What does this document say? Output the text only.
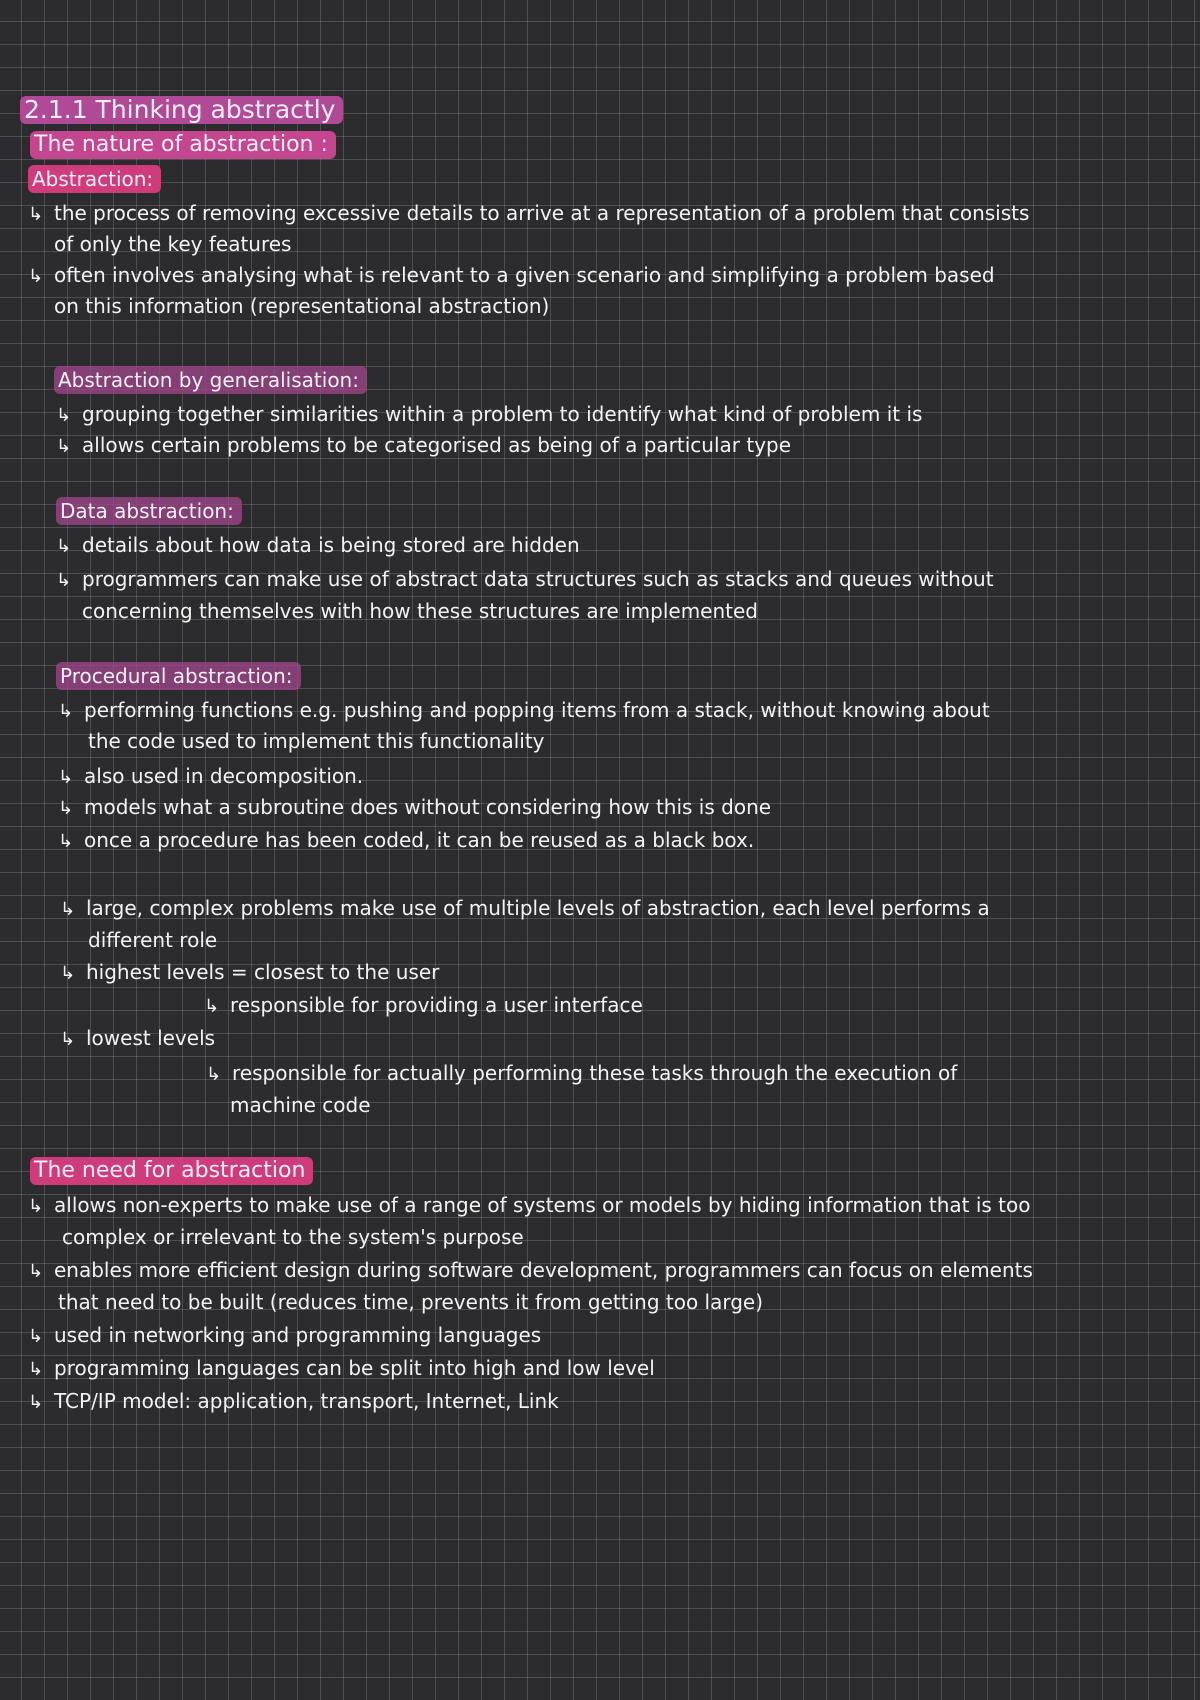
2.1.1 Thinking abstractly
The nature of abstraction :
Abstraction:
↳ the process of removing excessive details to arrive at a representation of a problem that consists
of only the key features
↳ often involves analysing what is relevant to a given scenario and simplifying a problem based
on this information (representational abstraction)
Abstraction by generalisation:
↳ grouping together similarities within a problem to identify what kind of problem it is
↳ allows certain problems to be categorised as being of a particular type
Data abstraction:
↳ details about how data is being stored are hidden
↳ programmers can make use of abstract data structures such as stacks and queues without
concerning themselves with how these structures are implemented
Procedural abstraction:
↳ performing functions e.g. pushing and popping items from a stack, without knowing about
the code used to implement this functionality
↳ also used in decomposition.
↳ models what a subroutine does without considering how this is done
↳ once a procedure has been coded, it can be reused as a black box.
↳ large, complex problems make use of multiple levels of abstraction, each level performs a
different role
↳ highest levels = closest to the user
↳ responsible for providing a user interface
↳ lowest levels
↳ responsible for actually performing these tasks through the execution of
machine code
The need for abstraction
↳ allows non-experts to make use of a range of systems or models by hiding information that is too
complex or irrelevant to the system's purpose
↳ enables more efficient design during software development, programmers can focus on elements
that need to be built (reduces time, prevents it from getting too large)
↳ used in networking and programming languages
↳ programming languages can be split into high and low level
↳ TCP/IP model: application, transport, Internet, Link
